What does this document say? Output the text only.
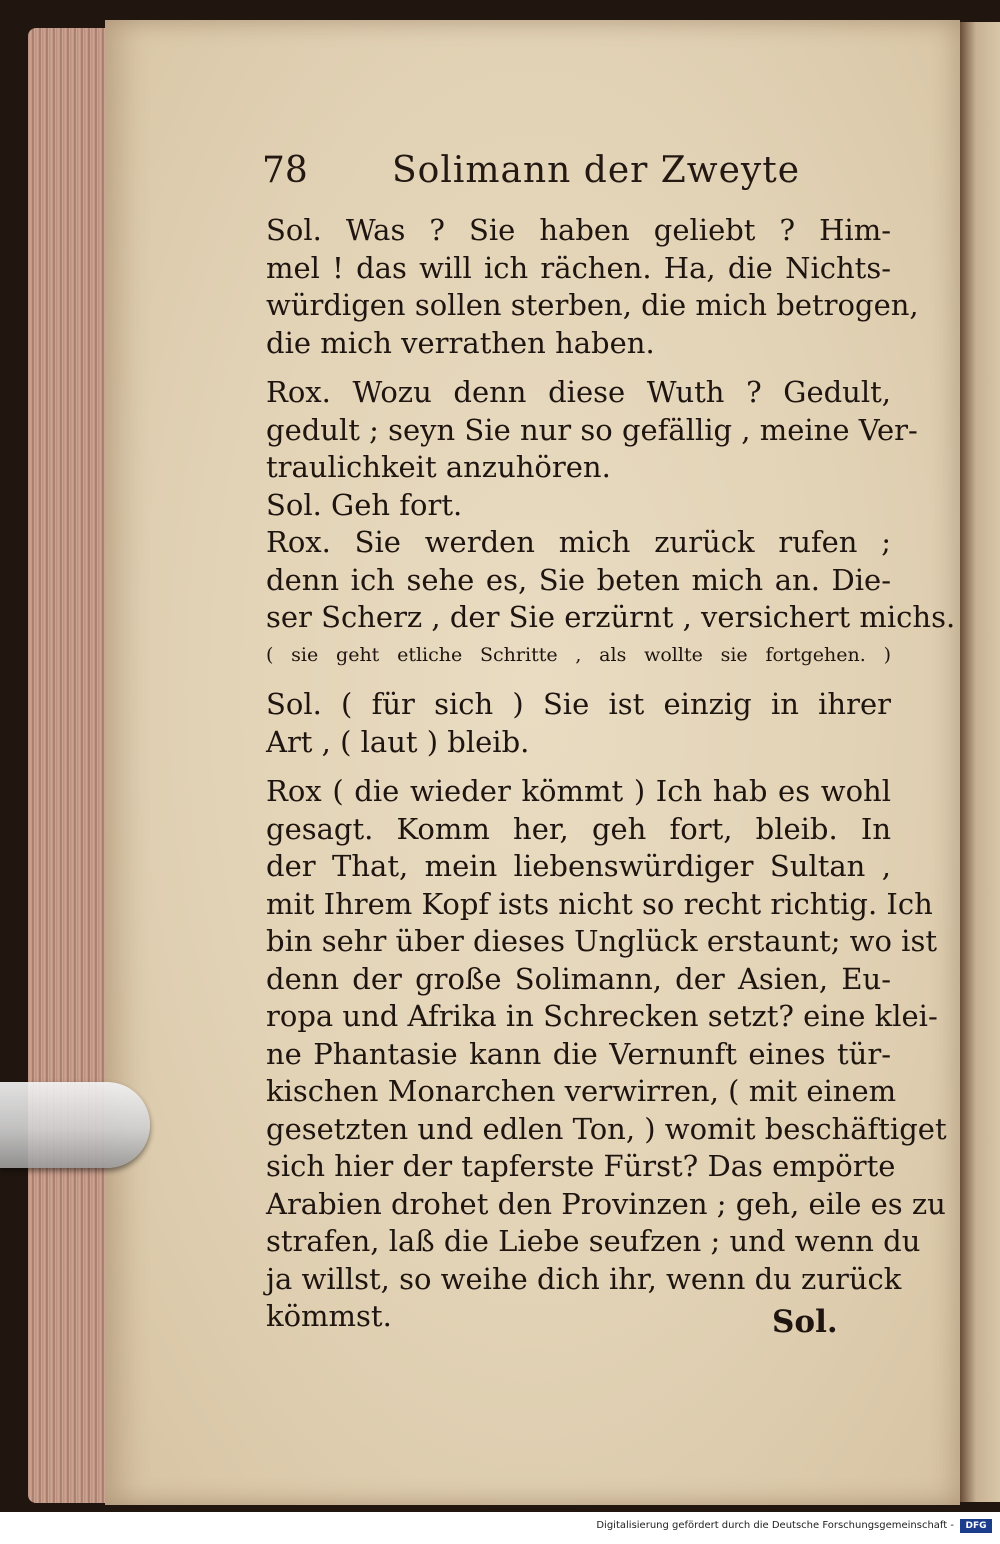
78 Solimann der Zweyte
Sol. Was ? Sie haben geliebt ? Him-
mel ! das will ich rächen. Ha, die Nichts-
würdigen sollen sterben, die mich betrogen,
die mich verrathen haben.
Rox. Wozu denn diese Wuth ? Gedult,
gedult ; seyn Sie nur so gefällig , meine Ver-
traulichkeit anzuhören.
Sol. Geh fort.
Rox. Sie werden mich zurück rufen ;
denn ich sehe es, Sie beten mich an. Die-
ser Scherz , der Sie erzürnt , versichert michs.
( sie geht etliche Schritte , als wollte sie fortgehen. )
Sol. ( für sich ) Sie ist einzig in ihrer
Art , ( laut ) bleib.
Rox ( die wieder kömmt ) Ich hab es wohl
gesagt. Komm her, geh fort, bleib. In
der That, mein liebenswürdiger Sultan ,
mit Ihrem Kopf ists nicht so recht richtig. Ich
bin sehr über dieses Unglück erstaunt; wo ist
denn der große Solimann, der Asien, Eu-
ropa und Afrika in Schrecken setzt? eine klei-
ne Phantasie kann die Vernunft eines tür-
kischen Monarchen verwirren, ( mit einem
gesetzten und edlen Ton, ) womit beschäftiget
sich hier der tapferste Fürst? Das empörte
Arabien drohet den Provinzen ; geh, eile es zu
strafen, laß die Liebe seufzen ; und wenn du
ja willst, so weihe dich ihr, wenn du zurück
kömmst.	Sol.
Digitalisierung gefördert durch die Deutsche Forschungsgemeinschaft -	DFG
